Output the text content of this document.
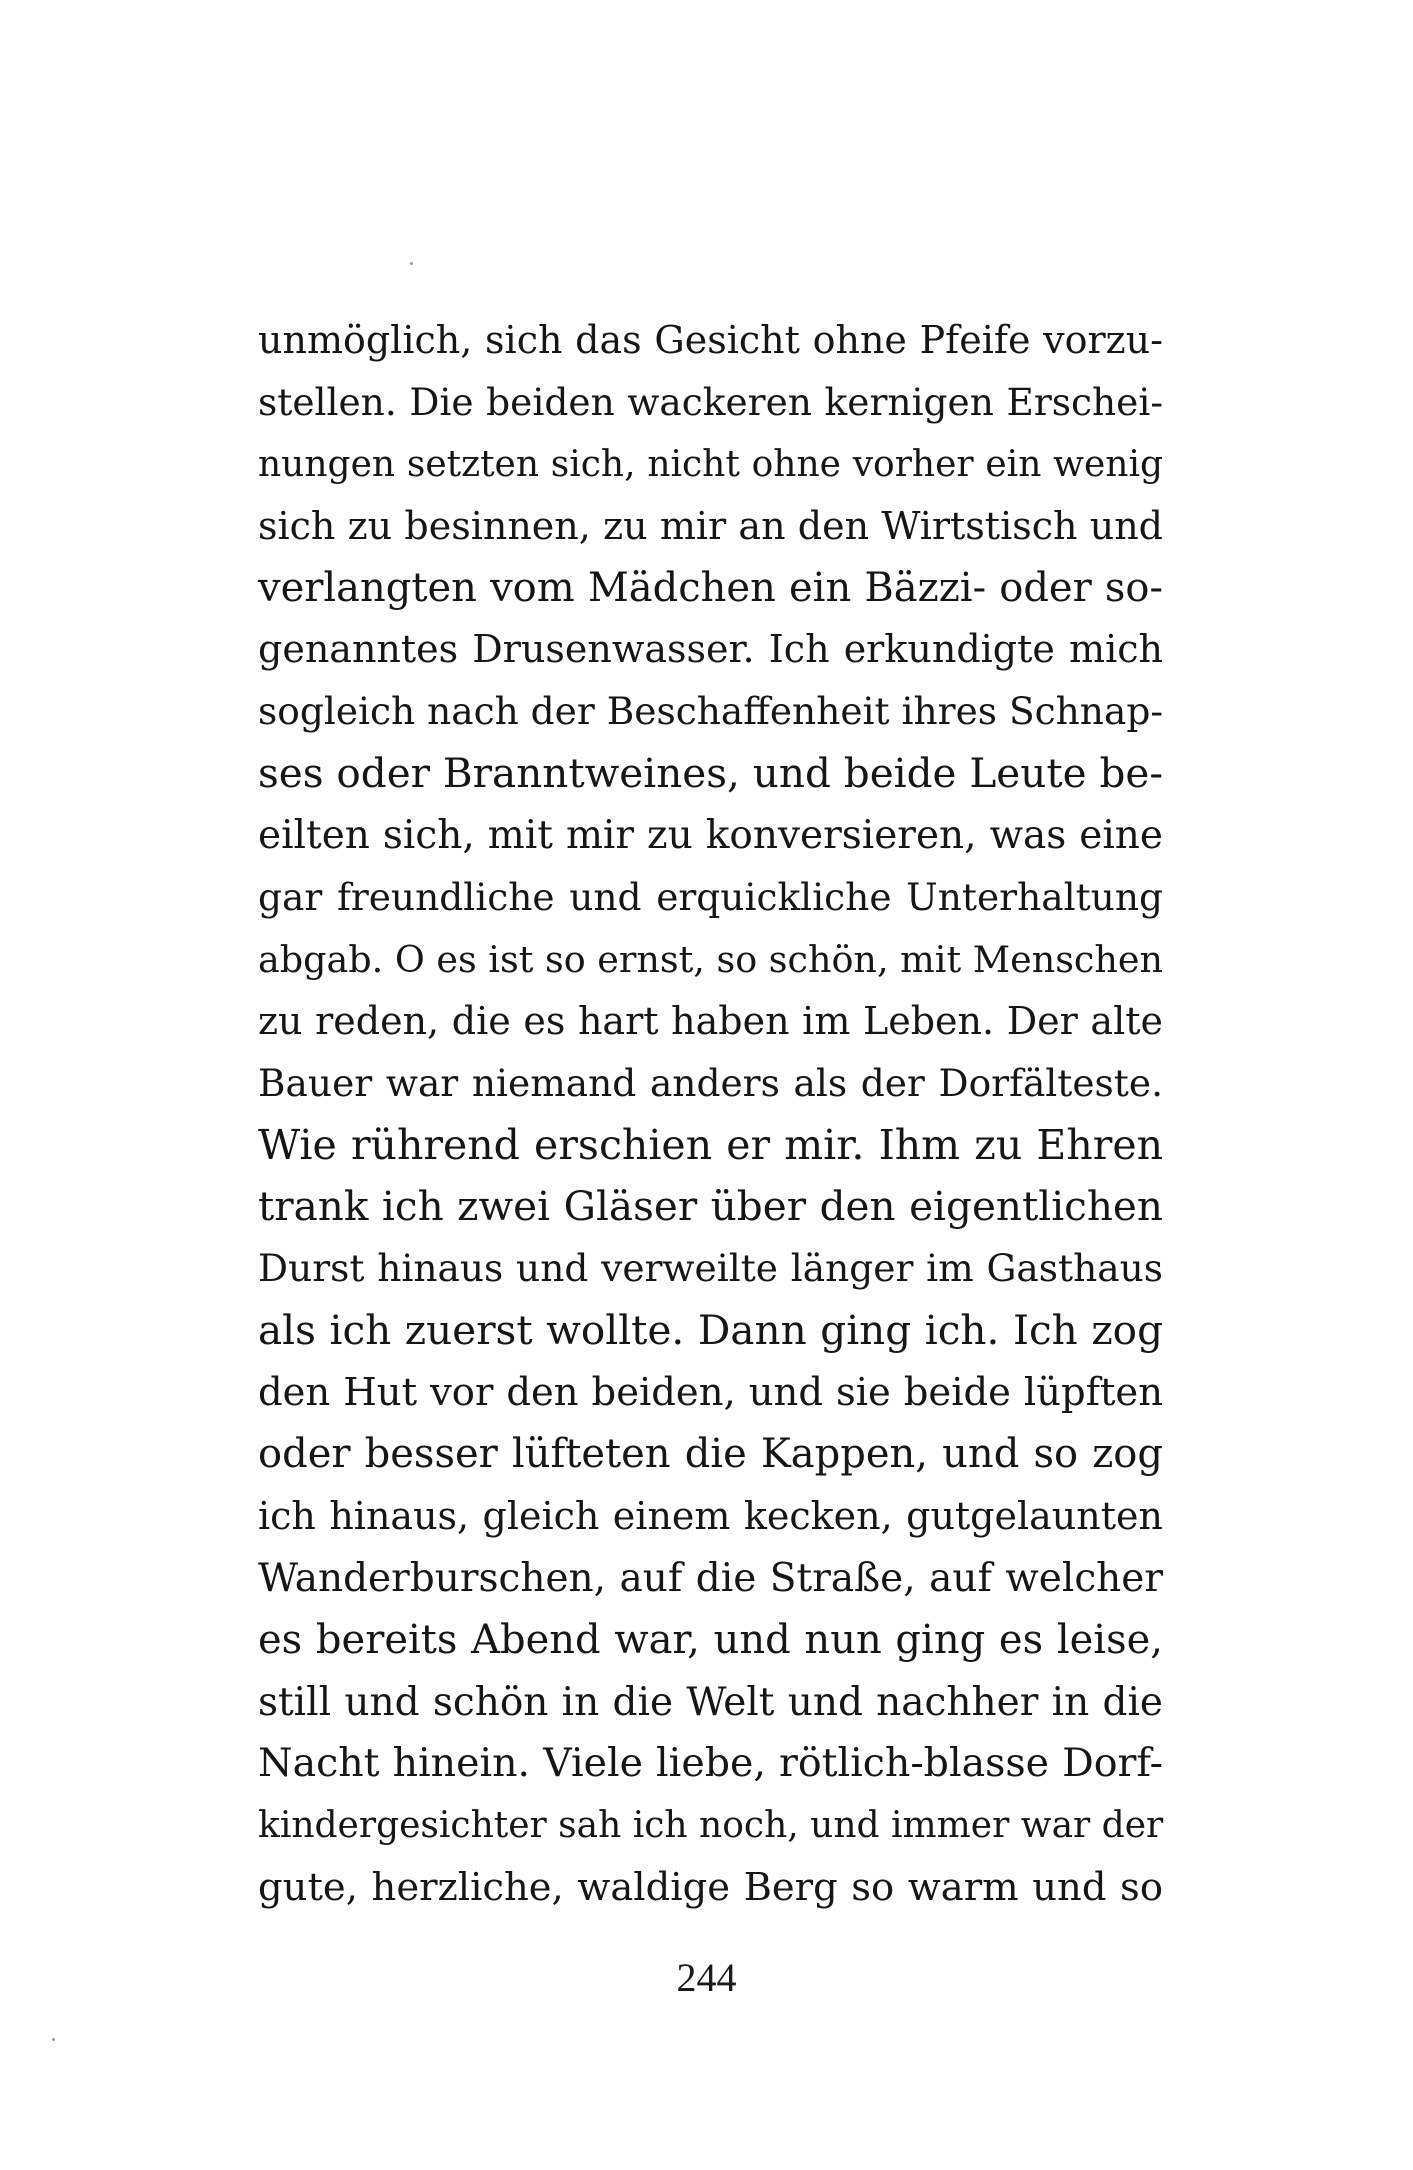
unmöglich, sich das Gesicht ohne Pfeife vorzu-
stellen. Die beiden wackeren kernigen Erschei-
nungen setzten sich, nicht ohne vorher ein wenig
sich zu besinnen, zu mir an den Wirtstisch und
verlangten vom Mädchen ein Bäzzi- oder so-
genanntes Drusenwasser. Ich erkundigte mich
sogleich nach der Beschaffenheit ihres Schnap-
ses oder Branntweines, und beide Leute be-
eilten sich, mit mir zu konversieren, was eine
gar freundliche und erquickliche Unterhaltung
abgab. O es ist so ernst, so schön, mit Menschen
zu reden, die es hart haben im Leben. Der alte
Bauer war niemand anders als der Dorfälteste.
Wie rührend erschien er mir. Ihm zu Ehren
trank ich zwei Gläser über den eigentlichen
Durst hinaus und verweilte länger im Gasthaus
als ich zuerst wollte. Dann ging ich. Ich zog
den Hut vor den beiden, und sie beide lüpften
oder besser lüfteten die Kappen, und so zog
ich hinaus, gleich einem kecken, gutgelaunten
Wanderburschen, auf die Straße, auf welcher
es bereits Abend war, und nun ging es leise,
still und schön in die Welt und nachher in die
Nacht hinein. Viele liebe, rötlich-blasse Dorf-
kindergesichter sah ich noch, und immer war der
gute, herzliche, waldige Berg so warm und so
244
